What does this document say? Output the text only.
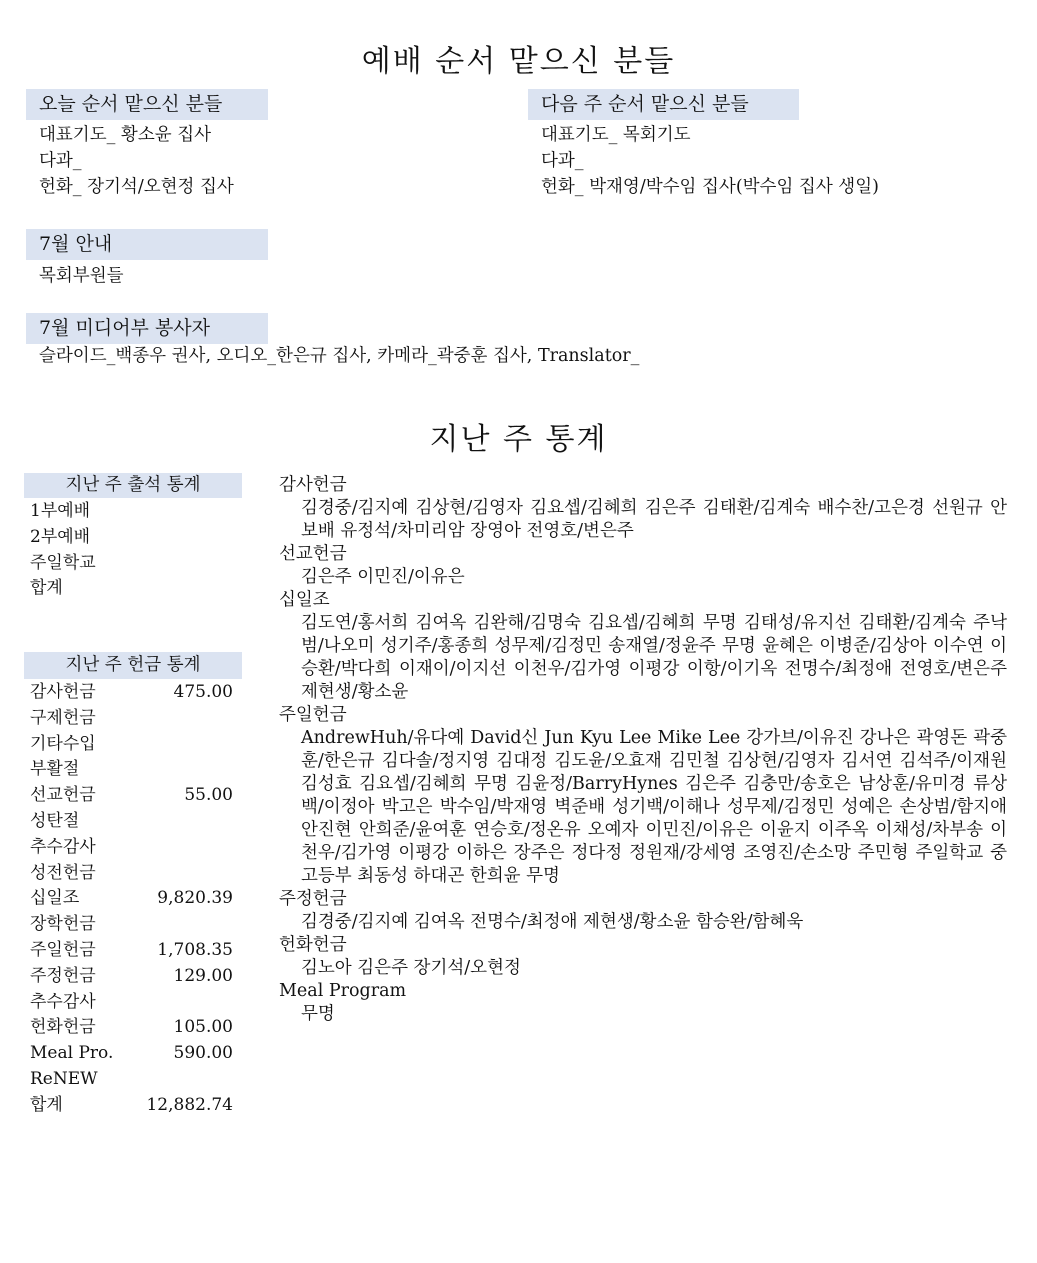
예배 순서 맡으신 분들
오늘 순서 맡으신 분들
대표기도_ 황소윤 집사
다과_
헌화_ 장기석/오현정 집사
다음 주 순서 맡으신 분들
대표기도_ 목회기도
다과_
헌화_ 박재영/박수임 집사(박수임 집사 생일)
7월 안내
목회부원들
7월 미디어부 봉사자
슬라이드_백종우 권사, 오디오_한은규 집사, 카메라_곽중훈 집사, Translator_
지난 주 통계
지난 주 출석 통계
1부예배
2부예배
주일학교
합계
지난 주 헌금 통계
감사헌금	475.00
구제헌금
기타수입
부활절
선교헌금	55.00
성탄절
추수감사
성전헌금
십일조	9,820.39
장학헌금
주일헌금	1,708.35
주정헌금	129.00
추수감사
헌화헌금	105.00
Meal Pro.	590.00
ReNEW
합계	12,882.74
감사헌금
김경중/김지예 김상현/김영자 김요셉/김혜희 김은주 김태환/김계숙 배수찬/고은경 선원규 안보배 유정석/차미리암 장영아 전영호/변은주
선교헌금
김은주 이민진/이유은
십일조
김도연/홍서희 김여옥 김완해/김명숙 김요셉/김혜희 무명 김태성/유지선 김태환/김계숙 주낙범/나오미 성기주/홍종희 성무제/김정민 송재열/정윤주 무명 윤혜은 이병준/김상아 이수연 이승환/박다희 이재이/이지선 이천우/김가영 이평강 이항/이기옥 전명수/최정애 전영호/변은주 제현생/황소윤
주일헌금
AndrewHuh/유다예 David신 Jun Kyu Lee Mike Lee 강가브/이유진 강나은 곽영돈 곽중훈/한은규 김다솔/정지영 김대정 김도윤/오효재 김민철 김상현/김영자 김서연 김석주/이재원 김성효 김요셉/김혜희 무명 김윤정/BarryHynes 김은주 김충만/송호은 남상훈/유미경 류상백/이정아 박고은 박수임/박재영 벽준배 성기백/이해나 성무제/김정민 성예은 손상범/함지애 안진현 안희준/윤여훈 연승호/정온유 오예자 이민진/이유은 이윤지 이주옥 이채성/차부송 이천우/김가영 이평강 이하은 장주은 정다정 정원재/강세영 조영진/손소망 주민형 주일학교 중고등부 최동성 하대곤 한희윤 무명
주정헌금
김경중/김지예 김여옥 전명수/최정애 제현생/황소윤 함승완/함혜욱
헌화헌금
김노아 김은주 장기석/오현정
Meal Program
무명
